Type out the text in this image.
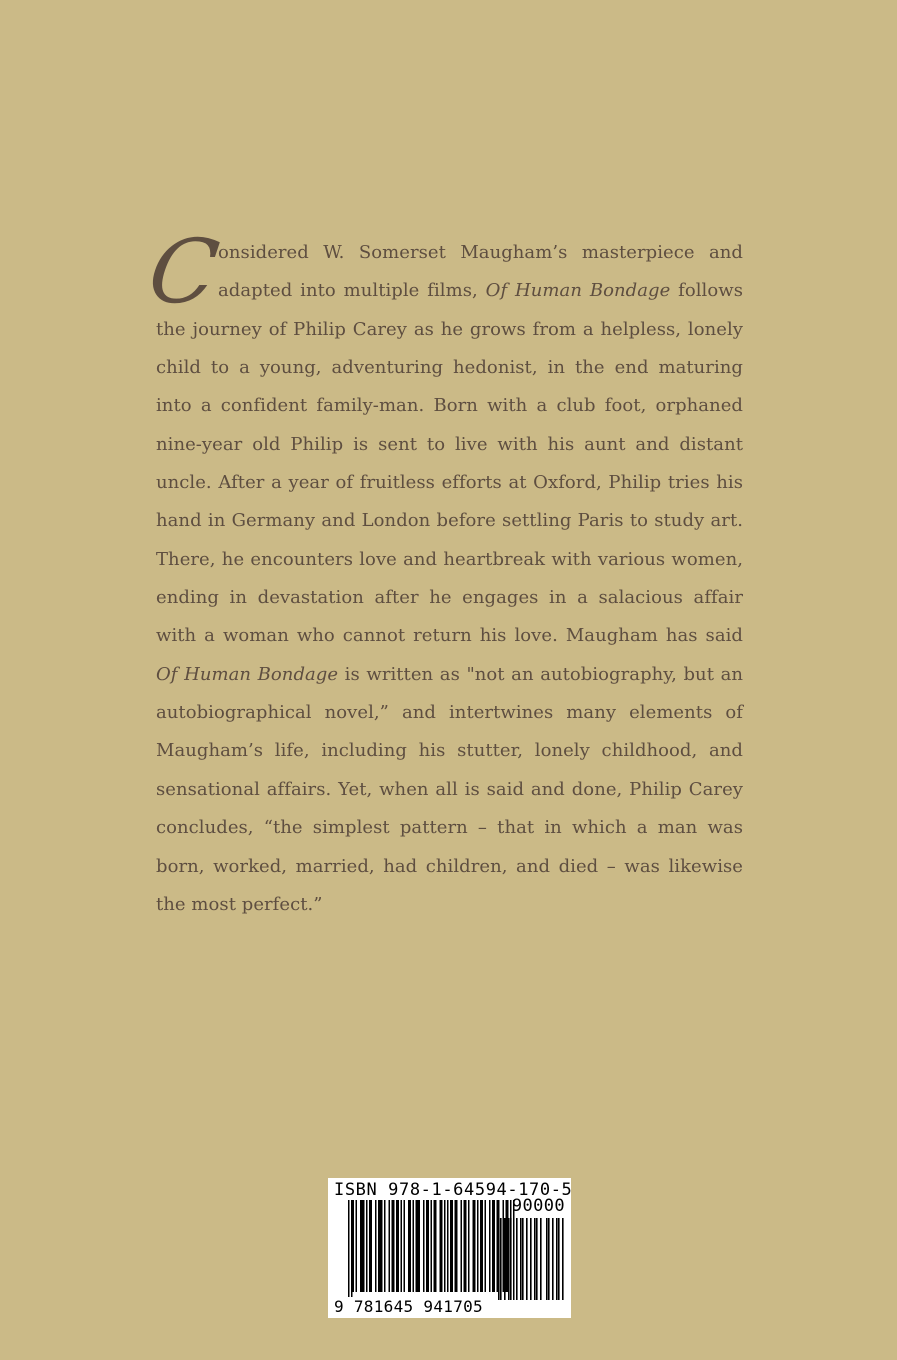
C
onsidered W. Somerset Maugham’s masterpiece and adapted into multiple films, Of Human Bondage follows the journey of Philip Carey as he grows from a helpless, lonely child to a young, adventuring hedonist, in the end maturing into a confident family-man. Born with a club foot, orphaned nine-year old Philip is sent to live with his aunt and distant uncle. After a year of fruitless efforts at Oxford, Philip tries his hand in Germany and London before settling Paris to study art. There, he encounters love and heartbreak with various women, ending in devastation after he engages in a salacious affair with a woman who cannot return his love. Maugham has said Of Human Bondage is written as "not an autobiography, but an autobiographical novel,” and intertwines many elements of Maugham’s life, including his stutter, lonely childhood, and sensational affairs. Yet, when all is said and done, Philip Carey concludes, “the simplest pattern – that in which a man was born, worked, married, had children, and died – was likewise the most perfect.”

ISBN 978-1-64594-170-5
90000
9 781645 941705
